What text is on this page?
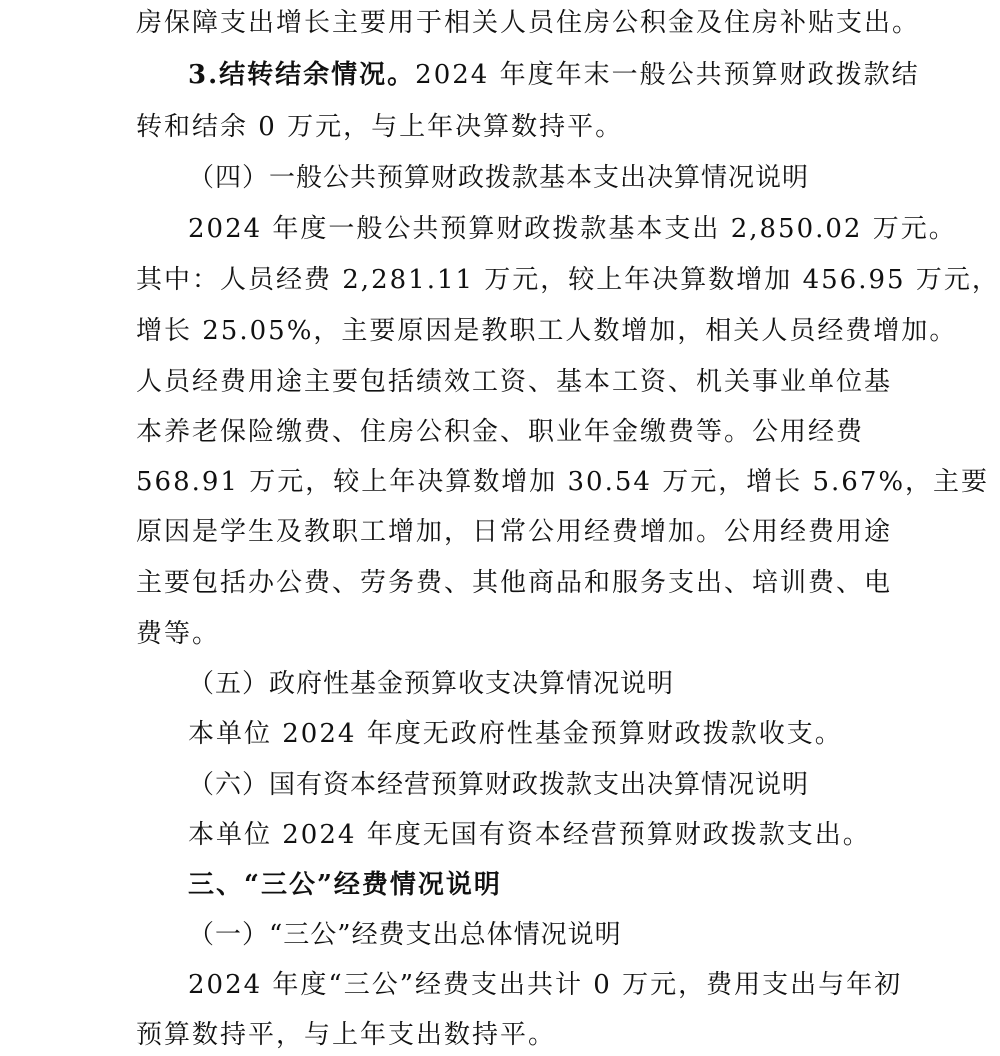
房保障支出增长主要用于相关人员住房公积金及住房补贴支出。
3.结转结余情况。2024 年度年末一般公共预算财政拨款结
转和结余 0 万元，与上年决算数持平。
（四）一般公共预算财政拨款基本支出决算情况说明
2024 年度一般公共预算财政拨款基本支出 2,850.02 万元。
其中：人员经费 2,281.11 万元，较上年决算数增加 456.95 万元，
增长 25.05%，主要原因是教职工人数增加，相关人员经费增加。
人员经费用途主要包括绩效工资、基本工资、机关事业单位基
本养老保险缴费、住房公积金、职业年金缴费等。公用经费
568.91 万元，较上年决算数增加 30.54 万元，增长 5.67%，主要
原因是学生及教职工增加，日常公用经费增加。公用经费用途
主要包括办公费、劳务费、其他商品和服务支出、培训费、电
费等。
（五）政府性基金预算收支决算情况说明
本单位 2024 年度无政府性基金预算财政拨款收支。
（六）国有资本经营预算财政拨款支出决算情况说明
本单位 2024 年度无国有资本经营预算财政拨款支出。
三、“三公”经费情况说明
（一）“三公”经费支出总体情况说明
2024 年度“三公”经费支出共计 0 万元，费用支出与年初
预算数持平，与上年支出数持平。
